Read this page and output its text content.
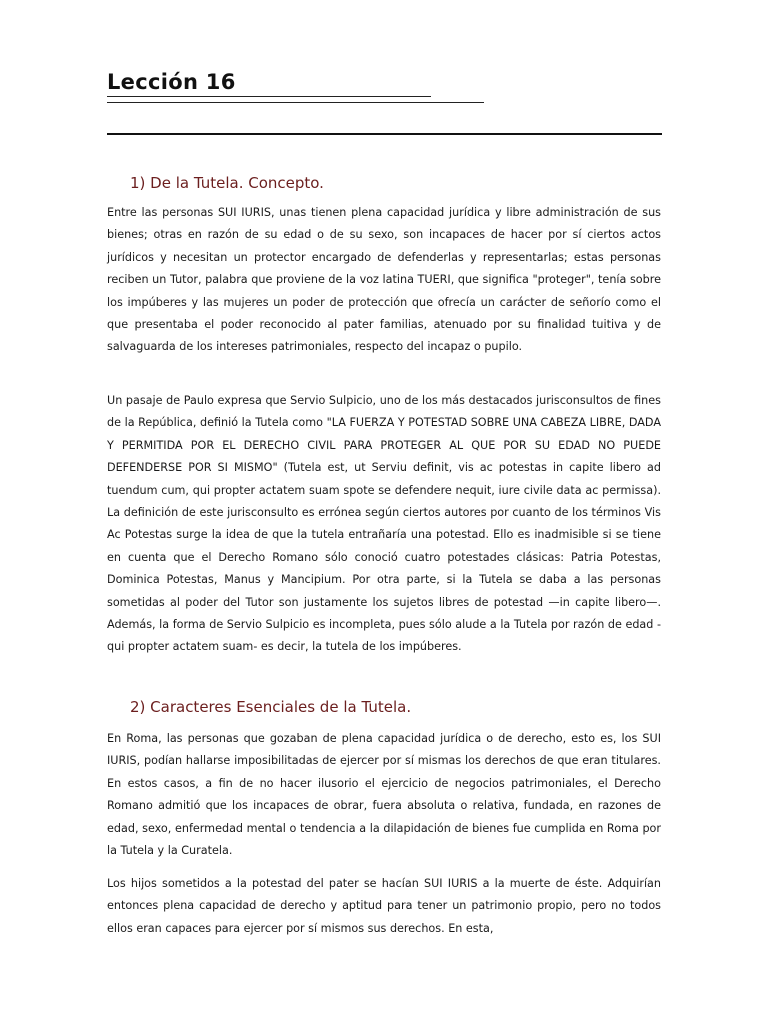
Lección 16
1) De la Tutela. Concepto.

Entre las personas SUI IURIS, unas tienen plena capacidad jurídica y libre administración de sus bienes; otras en razón de su edad o de su sexo, son incapaces de hacer por sí ciertos actos jurídicos y necesitan un protector encargado de defenderlas y representarlas; estas personas reciben un Tutor, palabra que proviene de la voz latina TUERI, que significa "proteger", tenía sobre los impúberes y las mujeres un poder de protección que ofrecía un carácter de señorío como el que presentaba el poder reconocido al pater familias, atenuado por su finalidad tuitiva y de salvaguarda de los intereses patrimoniales, respecto del incapaz o pupilo.

Un pasaje de Paulo expresa que Servio Sulpicio, uno de los más destacados jurisconsultos de fines de la República, definió la Tutela como "LA FUERZA Y POTESTAD SOBRE UNA CABEZA LIBRE, DADA Y PERMITIDA POR EL DERECHO CIVIL PARA PROTEGER AL QUE POR SU EDAD NO PUEDE DEFENDERSE POR SI MISMO" (Tutela est, ut Serviu definit, vis ac potestas in capite libero ad tuendum cum, qui propter actatem suam spote se defendere nequit, iure civile data ac permissa). La definición de este jurisconsulto es errónea según ciertos autores por cuanto de los términos Vis Ac Potestas surge la idea de que la tutela entrañaría una potestad. Ello es inadmisible si se tiene en cuenta que el Derecho Romano sólo conoció cuatro potestades clásicas: Patria Potestas, Dominica Potestas, Manus y Mancipium. Por otra parte, si la Tutela se daba a las personas sometidas al poder del Tutor son justamente los sujetos libres de potestad —in capite libero—. Además, la forma de Servio Sulpicio es incompleta, pues sólo alude a la Tutela por razón de edad -qui propter actatem suam- es decir, la tutela de los impúberes.

2) Caracteres Esenciales de la Tutela.

En Roma, las personas que gozaban de plena capacidad jurídica o de derecho, esto es, los SUI IURIS, podían hallarse imposibilitadas de ejercer por sí mismas los derechos de que eran titulares. En estos casos, a fin de no hacer ilusorio el ejercicio de negocios patrimoniales, el Derecho Romano admitió que los incapaces de obrar, fuera absoluta o relativa, fundada, en razones de edad, sexo, enfermedad mental o tendencia a la dilapidación de bienes fue cumplida en Roma por la Tutela y la Curatela.

Los hijos sometidos a la potestad del pater se hacían SUI IURIS a la muerte de éste. Adquirían entonces plena capacidad de derecho y aptitud para tener un patrimonio propio, pero no todos ellos eran capaces para ejercer por sí mismos sus derechos. En esta,
